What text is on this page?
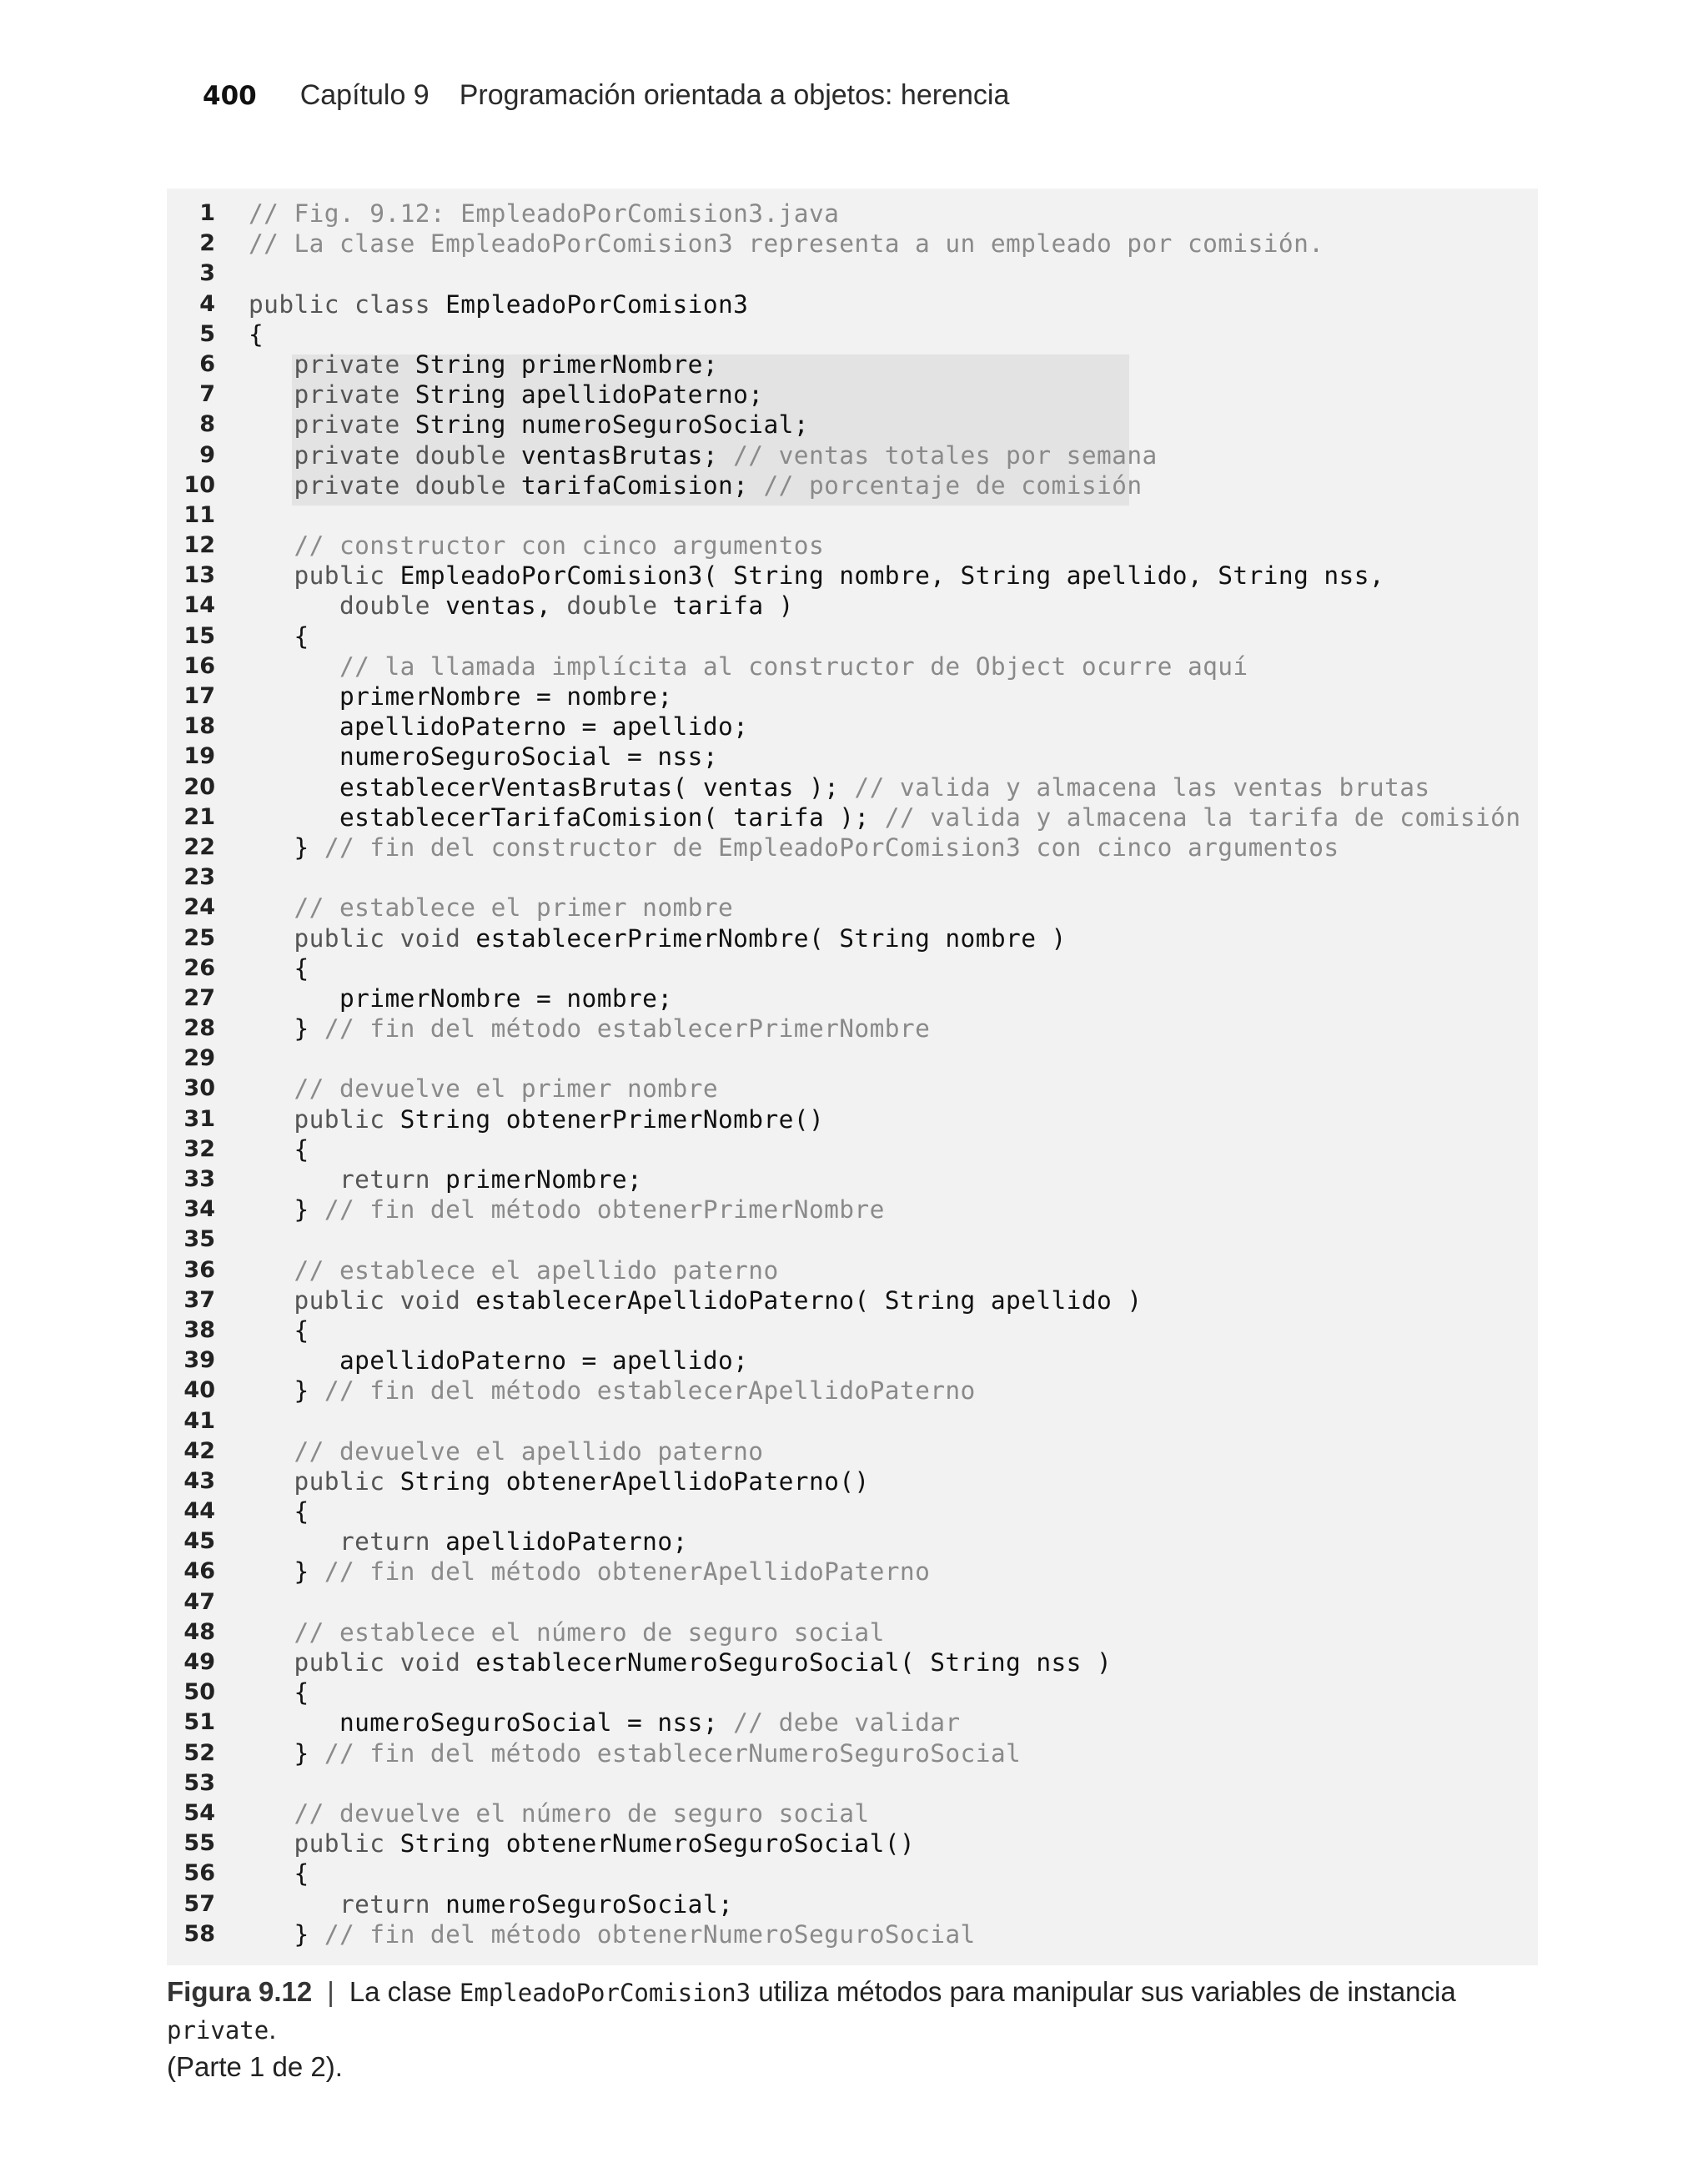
400 Capítulo 9 Programación orientada a objetos: herencia
1 // Fig. 9.12: EmpleadoPorComision3.java
2 // La clase EmpleadoPorComision3 representa a un empleado por comisión.
3
4 public class EmpleadoPorComision3
5 {
6 private String primerNombre;
7 private String apellidoPaterno;
8 private String numeroSeguroSocial;
9 private double ventasBrutas; // ventas totales por semana
10 private double tarifaComision; // porcentaje de comisión
11
12 // constructor con cinco argumentos
13 public EmpleadoPorComision3( String nombre, String apellido, String nss,
14 double ventas, double tarifa )
15 {
16 // la llamada implícita al constructor de Object ocurre aquí
17 primerNombre = nombre;
18 apellidoPaterno = apellido;
19 numeroSeguroSocial = nss;
20 establecerVentasBrutas( ventas ); // valida y almacena las ventas brutas
21 establecerTarifaComision( tarifa ); // valida y almacena la tarifa de comisión
22 } // fin del constructor de EmpleadoPorComision3 con cinco argumentos
23
24 // establece el primer nombre
25 public void establecerPrimerNombre( String nombre )
26 {
27 primerNombre = nombre;
28 } // fin del método establecerPrimerNombre
29
30 // devuelve el primer nombre
31 public String obtenerPrimerNombre()
32 {
33 return primerNombre;
34 } // fin del método obtenerPrimerNombre
35
36 // establece el apellido paterno
37 public void establecerApellidoPaterno( String apellido )
38 {
39 apellidoPaterno = apellido;
40 } // fin del método establecerApellidoPaterno
41
42 // devuelve el apellido paterno
43 public String obtenerApellidoPaterno()
44 {
45 return apellidoPaterno;
46 } // fin del método obtenerApellidoPaterno
47
48 // establece el número de seguro social
49 public void establecerNumeroSeguroSocial( String nss )
50 {
51 numeroSeguroSocial = nss; // debe validar
52 } // fin del método establecerNumeroSeguroSocial
53
54 // devuelve el número de seguro social
55 public String obtenerNumeroSeguroSocial()
56 {
57 return numeroSeguroSocial;
58 } // fin del método obtenerNumeroSeguroSocial
Figura 9.12 | La clase EmpleadoPorComision3 utiliza métodos para manipular sus variables de instancia private.
(Parte 1 de 2).
